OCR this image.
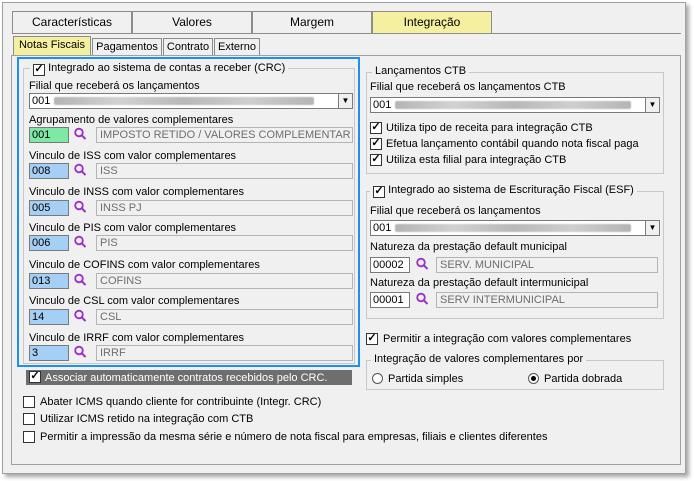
Características	Valores	Margem	Integração
Notas Fiscais	Pagamentos Contrato Externo
✓ Integrado ao sistema de contas a receber (CRC)
Filial que receberá os lançamentos
001	▼
Agrupamento de valores complementares
001	IMPOSTO RETIDO / VALORES COMPLEMENTAR
Vinculo de ISS com valor complementares
008	ISS
Vinculo de INSS com valor complementares
005	INSS PJ
Vinculo de PIS com valor complementares
006	PIS
Vinculo de COFINS com valor complementares
013	COFINS
Vinculo de CSL com valor complementares
14	CSL
Vinculo de IRRF com valor complementares
3	IRRF
✓
Associar automaticamente contratos recebidos pelo CRC.
Abater ICMS quando cliente for contribuinte (Integr. CRC)
Utilizar ICMS retido na integração com CTB
Permitir a impressão da mesma série e número de nota fiscal para empresas, filiais e clientes diferentes
Lançamentos CTB
Filial que receberá os lançamentos CTB
001	▼
✓
Utiliza tipo de receita para integração CTB
✓
Efetua lançamento contábil quando nota fiscal paga
✓
Utiliza esta filial para integração CTB
✓ Integrado ao sistema de Escrituração Fiscal (ESF)
Filial que receberá os lançamentos
001	▼
Natureza da prestação default municipal
00002	SERV. MUNICIPAL
Natureza da prestação default intermunicipal
00001	SERV INTERMUNICIPAL
✓
Permitir a integração com valores complementares
Integração de valores complementares por
Partida simples	Partida dobrada
